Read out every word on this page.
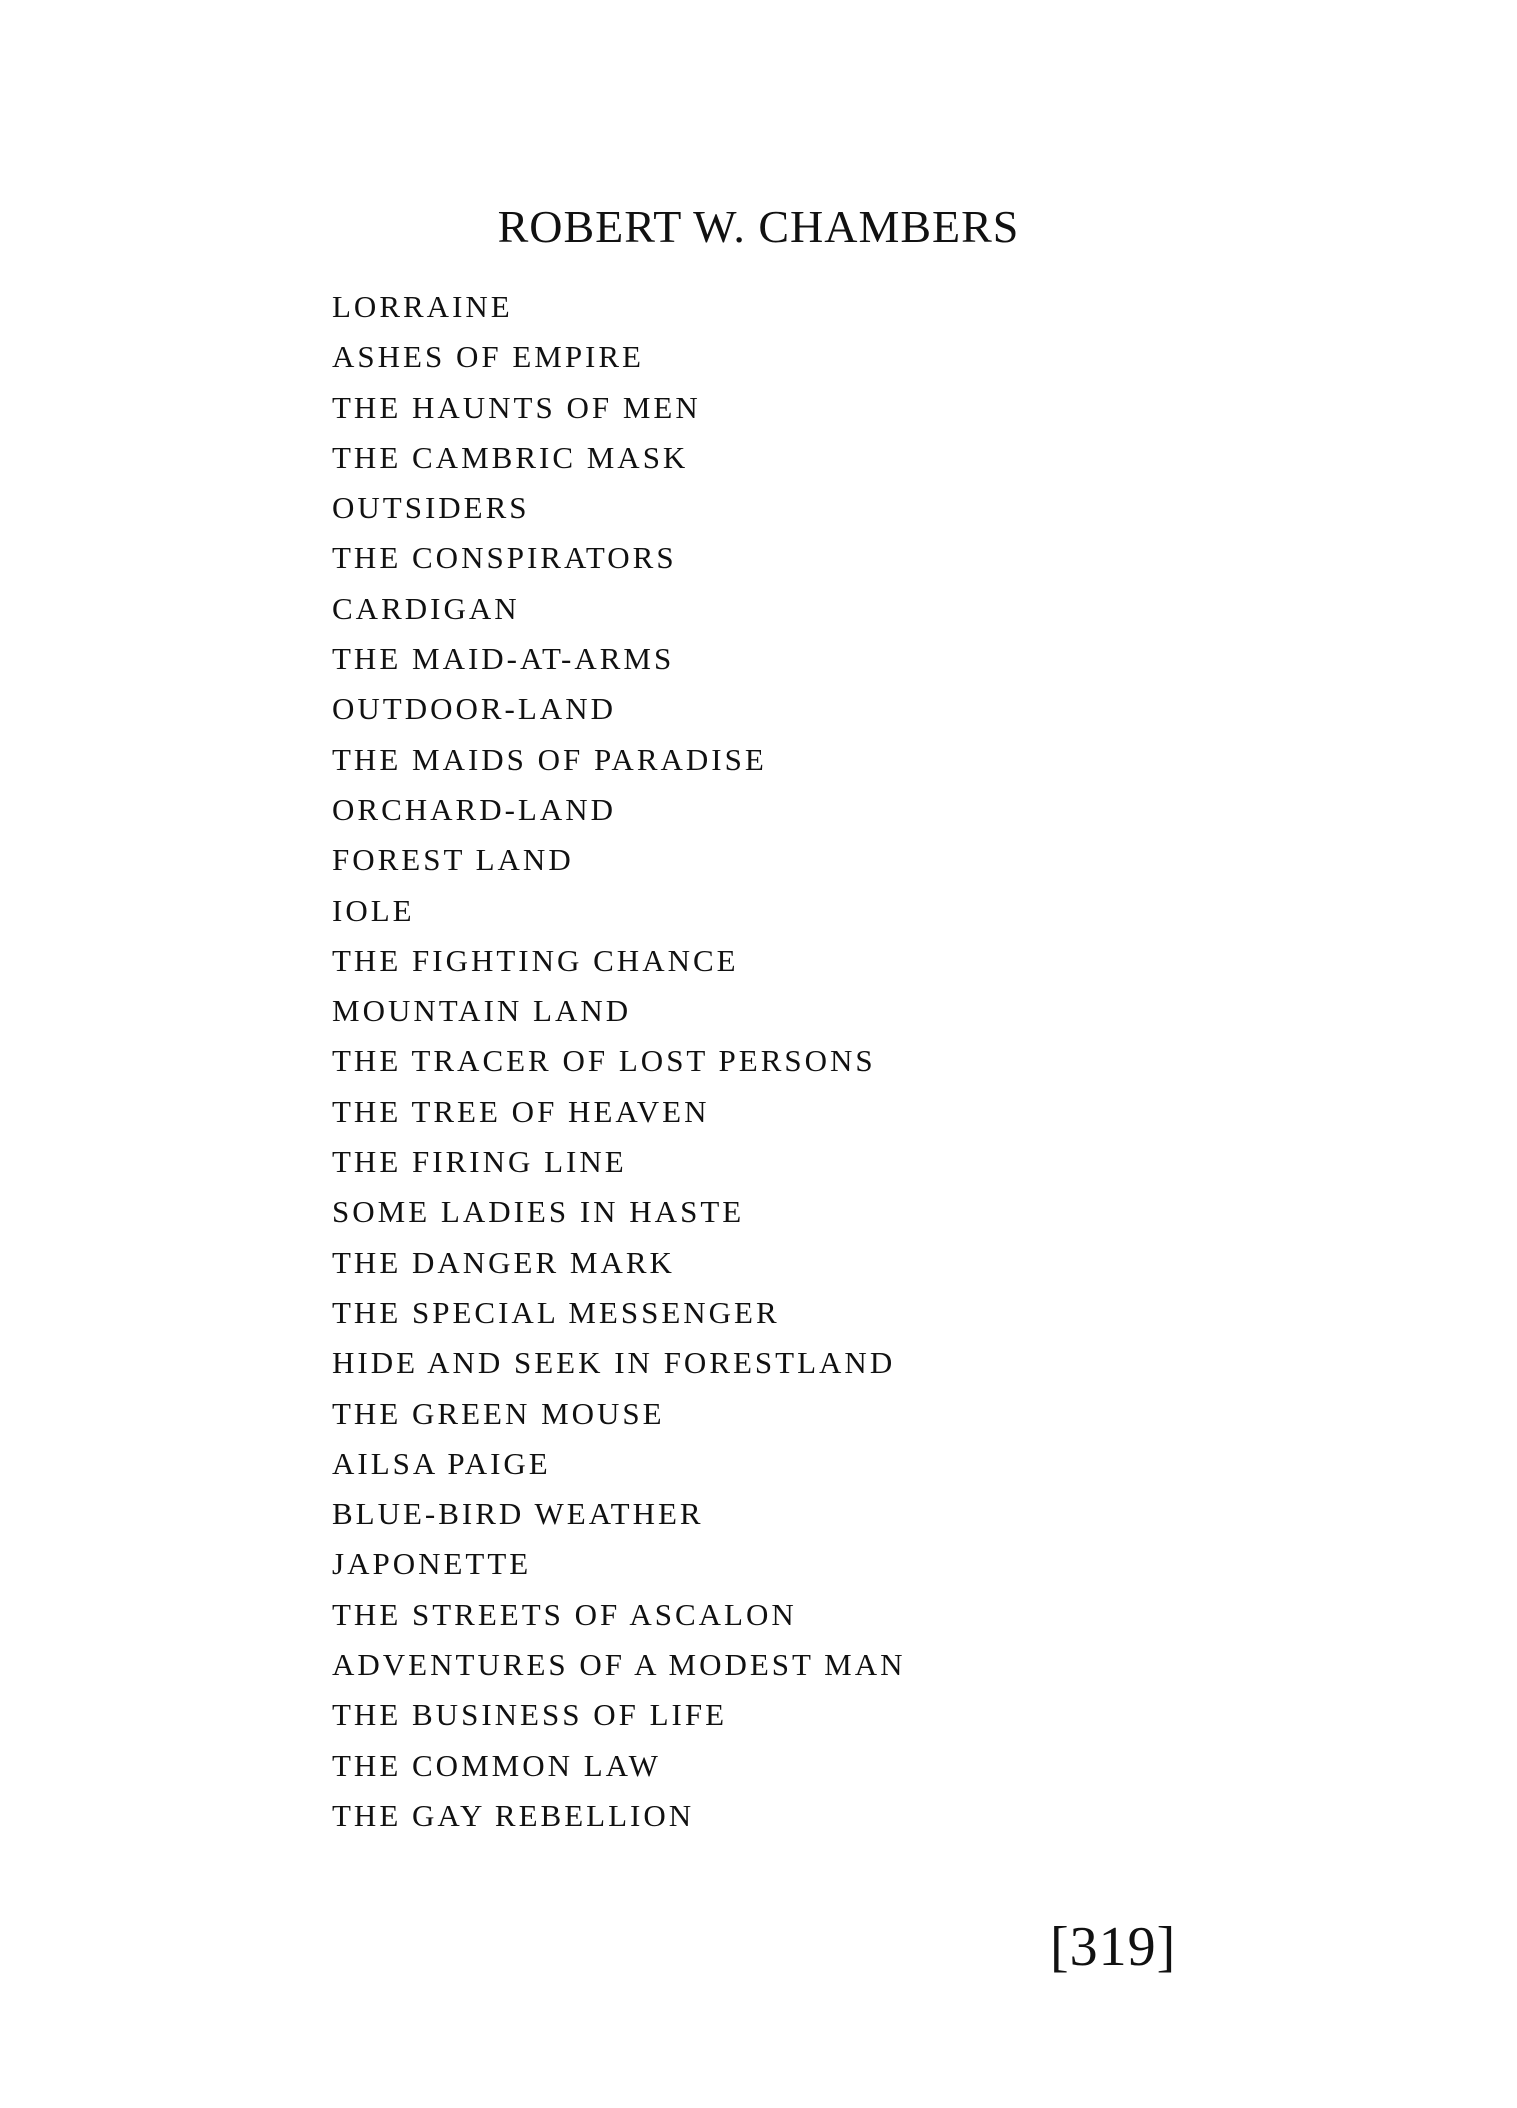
ROBERT W. CHAMBERS
LORRAINE
ASHES OF EMPIRE
THE HAUNTS OF MEN
THE CAMBRIC MASK
OUTSIDERS
THE CONSPIRATORS
CARDIGAN
THE MAID-AT-ARMS
OUTDOOR-LAND
THE MAIDS OF PARADISE
ORCHARD-LAND
FOREST LAND
IOLE
THE FIGHTING CHANCE
MOUNTAIN LAND
THE TRACER OF LOST PERSONS
THE TREE OF HEAVEN
THE FIRING LINE
SOME LADIES IN HASTE
THE DANGER MARK
THE SPECIAL MESSENGER
HIDE AND SEEK IN FORESTLAND
THE GREEN MOUSE
AILSA PAIGE
BLUE-BIRD WEATHER
JAPONETTE
THE STREETS OF ASCALON
ADVENTURES OF A MODEST MAN
THE BUSINESS OF LIFE
THE COMMON LAW
THE GAY REBELLION
[319]
